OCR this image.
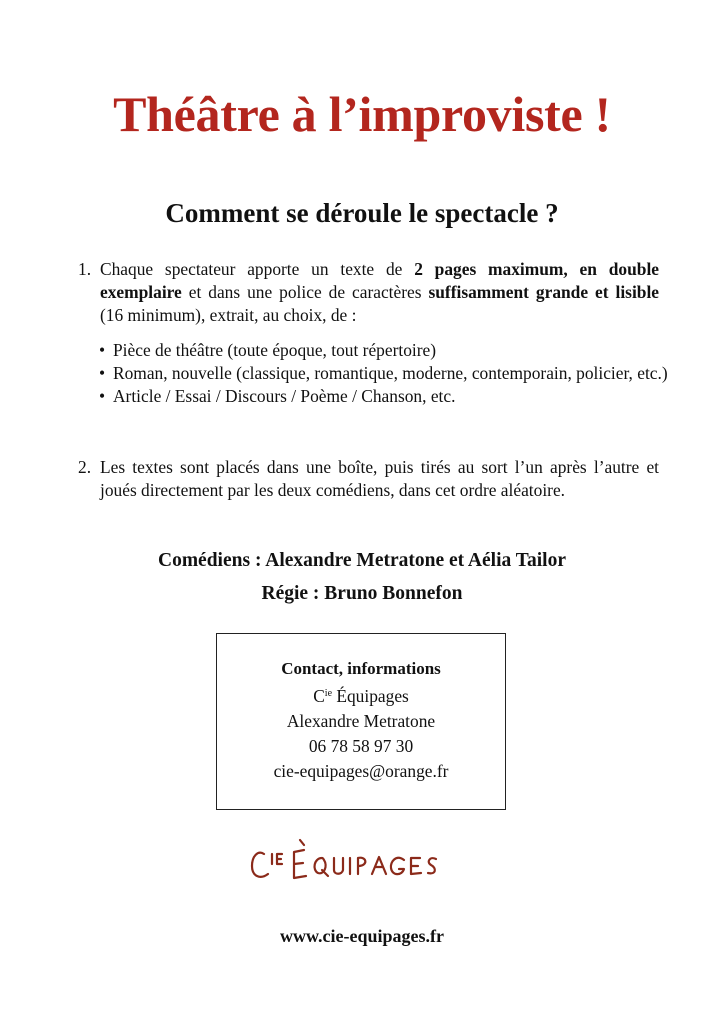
Théâtre à l’improviste !
Comment se déroule le spectacle ?
1. Chaque spectateur apporte un texte de 2 pages maximum, en double exemplaire et dans une police de caractères suffisamment grande et lisible (16 minimum), extrait, au choix, de :
• Pièce de théâtre (toute époque, tout répertoire)
• Roman, nouvelle (classique, romantique, moderne, contemporain, policier, etc.)
• Article / Essai / Discours / Poème / Chanson, etc.
2. Les textes sont placés dans une boîte, puis tirés au sort l’un après l’autre et joués directement par les deux comédiens, dans cet ordre aléatoire.
Comédiens : Alexandre Metratone et Aélia Tailor
Régie : Bruno Bonnefon
Contact, informations
$C^{ie}$ Équipages
Alexandre Metratone
06 78 58 97 30
cie-equipages@orange.fr
Cie Équipages
www.cie-equipages.fr
